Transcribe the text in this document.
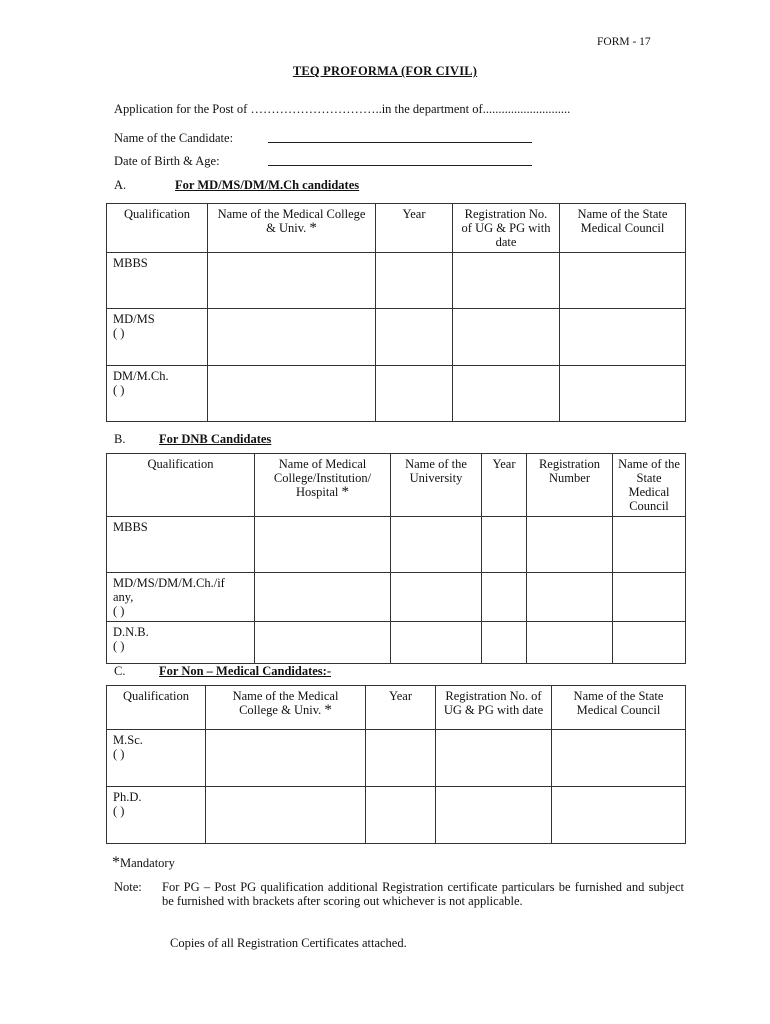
FORM - 17
TEQ PROFORMA (FOR CIVIL)
Application for the Post of …………………………..in the department of............................
Name of the Candidate:
Date of Birth & Age:
A.	For MD/MS/DM/M.Ch candidates
Qualification	Name of the Medical College & Univ. *	Year	Registration No. of UG & PG with date	Name of the State Medical Council

MBBS				

MD/MS
( )				

DM/M.Ch.
( )				

B.	For DNB Candidates
Qualification	Name of Medical College/Institution/ Hospital *	Name of the University	Year	Registration Number	Name of the State Medical Council

MBBS					

MD/MS/DM/M.Ch./if
any,
( )					

D.N.B.
( )					

C.	For Non – Medical Candidates:-
Qualification	Name of the Medical College & Univ. *	Year	Registration No. of UG & PG with date	Name of the State Medical Council

M.Sc.
( )				

Ph.D.
( )				

*Mandatory
Note: For PG – Post PG qualification additional Registration certificate particulars be furnished and subject be furnished with brackets after scoring out whichever is not applicable.
Copies of all Registration Certificates attached.
